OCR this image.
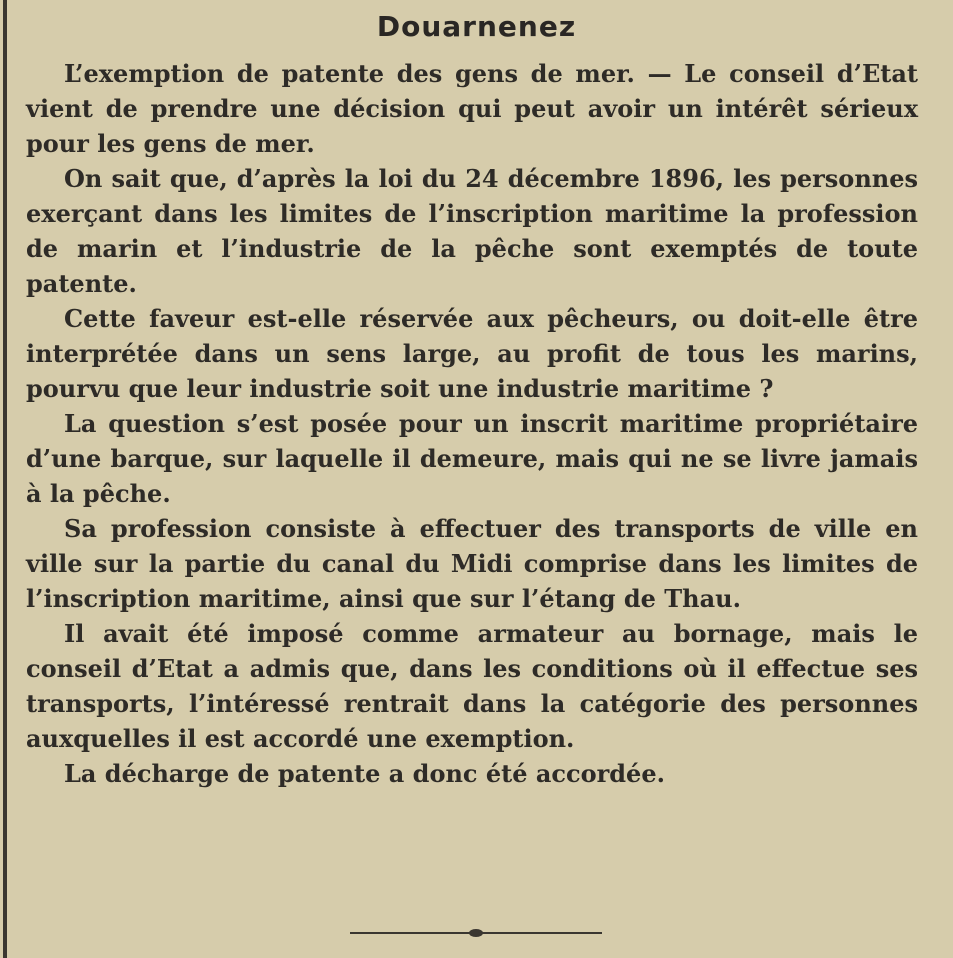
Douarnenez

L’exemption de patente des gens de mer. — Le conseil d’Etat vient de prendre une décision qui peut avoir un intérêt sérieux pour les gens de mer.

On sait que, d’après la loi du 24 décembre 1896, les personnes exerçant dans les limites de l’inscription maritime la profession de marin et l’industrie de la pêche sont exemptés de toute patente.

Cette faveur est-elle réservée aux pêcheurs, ou doit-elle être interprétée dans un sens large, au profit de tous les marins, pourvu que leur industrie soit une industrie maritime ?

La question s’est posée pour un inscrit maritime propriétaire d’une barque, sur laquelle il demeure, mais qui ne se livre jamais à la pêche.

Sa profession consiste à effectuer des transports de ville en ville sur la partie du canal du Midi comprise dans les limites de l’inscription maritime, ainsi que sur l’étang de Thau.

Il avait été imposé comme armateur au bornage, mais le conseil d’Etat a admis que, dans les conditions où il effectue ses transports, l’intéressé rentrait dans la catégorie des personnes auxquelles il est accordé une exemption.

La décharge de patente a donc été accordée.
